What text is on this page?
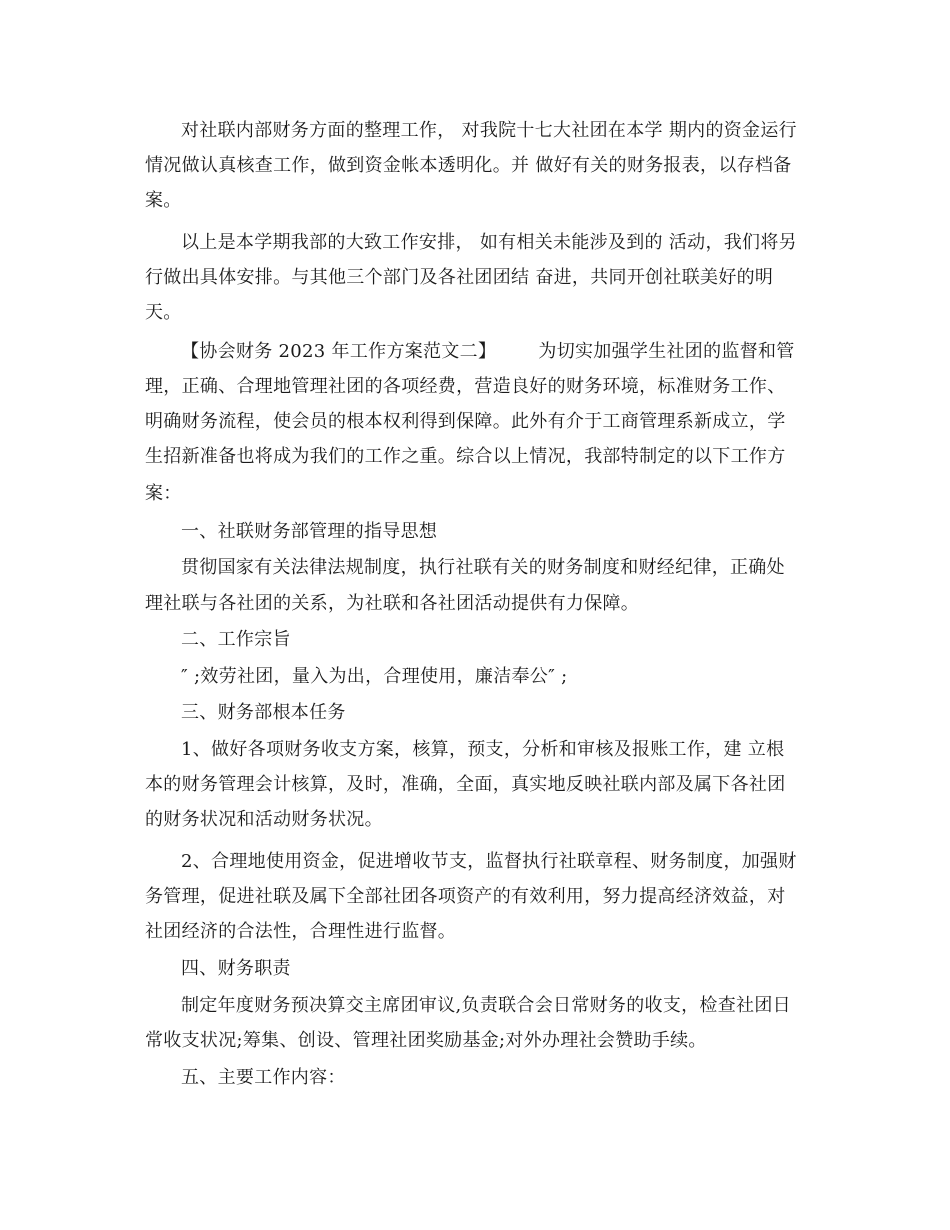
对社联内部财务方面的整理工作， 对我院十七大社团在本学 期内的资金运行
情况做认真核查工作，做到资金帐本透明化。并 做好有关的财务报表，以存档备
案。
以上是本学期我部的大致工作安排， 如有相关未能涉及到的 活动，我们将另
行做出具体安排。与其他三个部门及各社团团结 奋进，共同开创社联美好的明
天。
【协会财务 2023 年工作方案范文二】       为切实加强学生社团的监督和管
理，正确、合理地管理社团的各项经费，营造良好的财务环境，标准财务工作、
明确财务流程，使会员的根本权利得到保障。此外有介于工商管理系新成立，学
生招新准备也将成为我们的工作之重。综合以上情况，我部特制定的以下工作方
案：
一、社联财务部管理的指导思想
贯彻国家有关法律法规制度，执行社联有关的财务制度和财经纪律，正确处
理社联与各社团的关系，为社联和各社团活动提供有力保障。
二、工作宗旨
″ ;效劳社团，量入为出，合理使用，廉洁奉公″ ;
三、财务部根本任务
1、做好各项财务收支方案，核算，预支，分析和审核及报账工作，建 立根
本的财务管理会计核算，及时，准确，全面，真实地反映社联内部及属下各社团
的财务状况和活动财务状况。
2、合理地使用资金，促进增收节支，监督执行社联章程、财务制度，加强财
务管理，促进社联及属下全部社团各项资产的有效利用，努力提高经济效益，对
社团经济的合法性，合理性进行监督。
四、财务职责
制定年度财务预决算交主席团审议,负责联合会日常财务的收支，检查社团日
常收支状况;筹集、创设、管理社团奖励基金;对外办理社会赞助手续。
五、主要工作内容：
